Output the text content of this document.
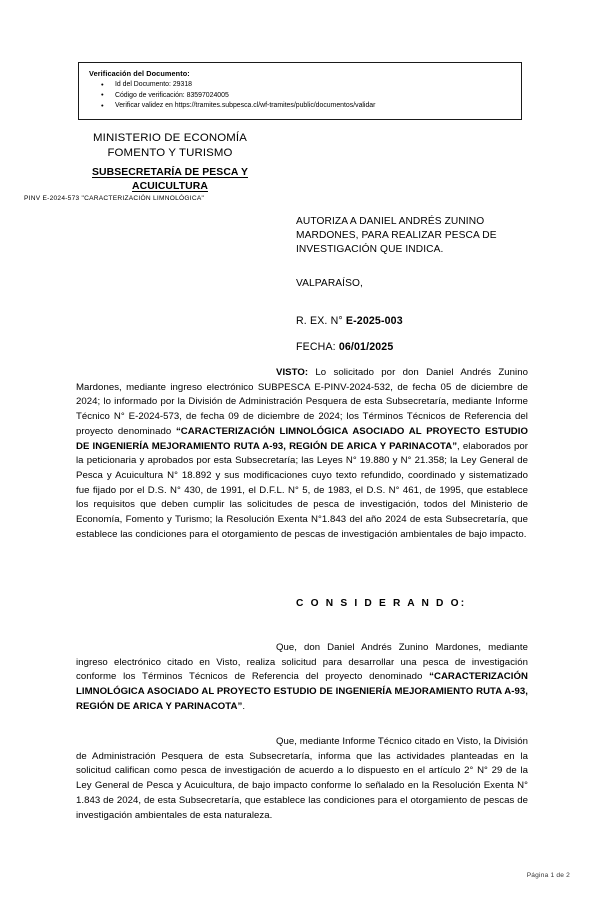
Verificación del Documento:
• Id del Documento: 29318
• Código de verificación: 83597024005
• Verificar validez en https://tramites.subpesca.cl/wf-tramites/public/documentos/validar
MINISTERIO DE ECONOMÍA
FOMENTO Y TURISMO
SUBSECRETARÍA DE PESCA Y
ACUICULTURA
PINV E-2024-573 "CARACTERIZACIÓN LIMNOLÓGICA"
AUTORIZA A DANIEL ANDRÉS ZUNINO MARDONES, PARA REALIZAR PESCA DE INVESTIGACIÓN QUE INDICA.
VALPARAÍSO,
R. EX. N° E-2025-003
FECHA: 06/01/2025
VISTO: Lo solicitado por don Daniel Andrés Zunino Mardones, mediante ingreso electrónico SUBPESCA E-PINV-2024-532, de fecha 05 de diciembre de 2024; lo informado por la División de Administración Pesquera de esta Subsecretaría, mediante Informe Técnico N° E-2024-573, de fecha 09 de diciembre de 2024; los Términos Técnicos de Referencia del proyecto denominado “CARACTERIZACIÓN LIMNOLÓGICA ASOCIADO AL PROYECTO ESTUDIO DE INGENIERÍA MEJORAMIENTO RUTA A-93, REGIÓN DE ARICA Y PARINACOTA”, elaborados por la peticionaria y aprobados por esta Subsecretaría; las Leyes N° 19.880 y N° 21.358; la Ley General de Pesca y Acuicultura N° 18.892 y sus modificaciones cuyo texto refundido, coordinado y sistematizado fue fijado por el D.S. N° 430, de 1991, el D.F.L. N° 5, de 1983, el D.S. N° 461, de 1995, que establece los requisitos que deben cumplir las solicitudes de pesca de investigación, todos del Ministerio de Economía, Fomento y Turismo; la Resolución Exenta N°1.843 del año 2024 de esta Subsecretaría, que establece las condiciones para el otorgamiento de pescas de investigación ambientales de bajo impacto.
C O N S I D E R A N D O:
Que, don Daniel Andrés Zunino Mardones, mediante ingreso electrónico citado en Visto, realiza solicitud para desarrollar una pesca de investigación conforme los Términos Técnicos de Referencia del proyecto denominado “CARACTERIZACIÓN LIMNOLÓGICA ASOCIADO AL PROYECTO ESTUDIO DE INGENIERÍA MEJORAMIENTO RUTA A-93, REGIÓN DE ARICA Y PARINACOTA”.
Que, mediante Informe Técnico citado en Visto, la División de Administración Pesquera de esta Subsecretaría, informa que las actividades planteadas en la solicitud califican como pesca de investigación de acuerdo a lo dispuesto en el artículo 2° N° 29 de la Ley General de Pesca y Acuicultura, de bajo impacto conforme lo señalado en la Resolución Exenta N° 1.843 de 2024, de esta Subsecretaría, que establece las condiciones para el otorgamiento de pescas de investigación ambientales de esta naturaleza.
Página 1 de 2
